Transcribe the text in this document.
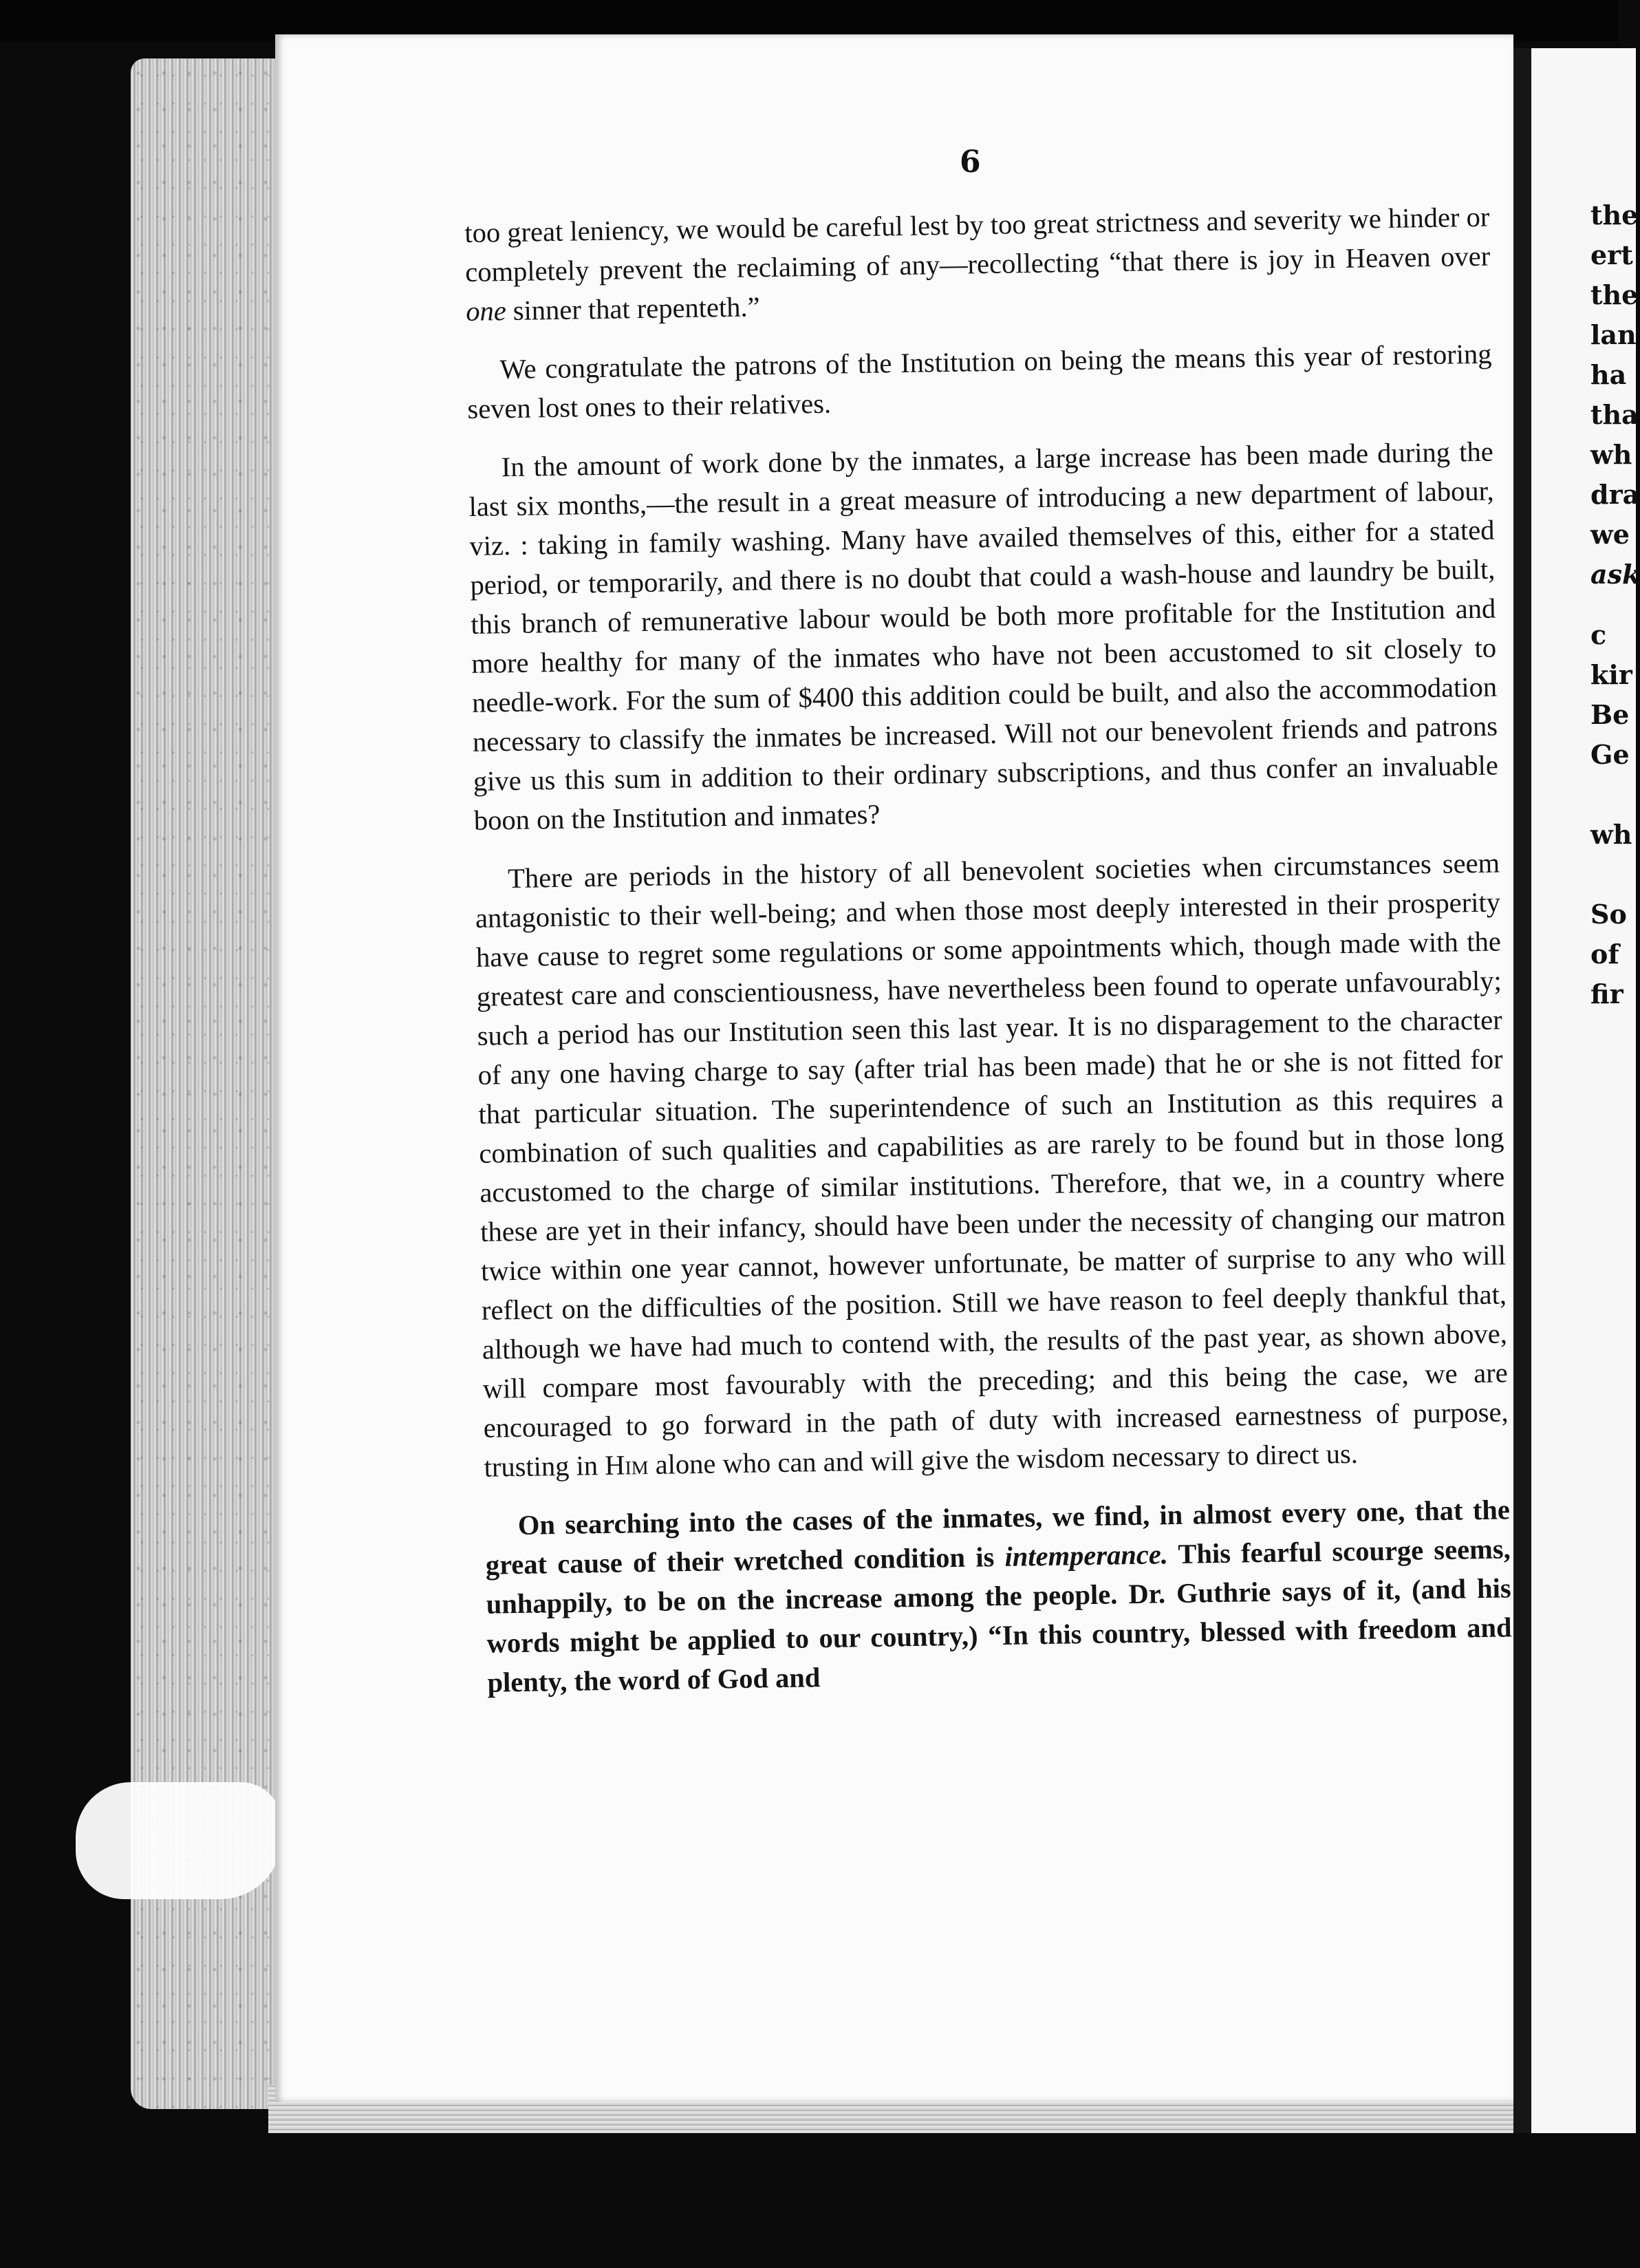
the
ert
the
lan
ha
tha
wh
dra
we
ask
c
kir
Be
Ge
wh
So
of
fir
6

too great leniency, we would be careful lest by too great strictness and severity we hinder or completely prevent the reclaiming of any—recollecting “that there is joy in Heaven over one sinner that repenteth.”

We congratulate the patrons of the Institution on being the means this year of restoring seven lost ones to their relatives.

In the amount of work done by the inmates, a large increase has been made during the last six months,—the result in a great measure of introducing a new department of labour, viz. : taking in family washing. Many have availed themselves of this, either for a stated period, or temporarily, and there is no doubt that could a wash-house and laundry be built, this branch of remunerative labour would be both more profitable for the Institution and more healthy for many of the inmates who have not been accustomed to sit closely to needle-work. For the sum of $400 this addition could be built, and also the accommodation necessary to classify the inmates be increased. Will not our benevolent friends and patrons give us this sum in addition to their ordinary subscriptions, and thus confer an invaluable boon on the Institution and inmates?

There are periods in the history of all benevolent societies when circumstances seem antagonistic to their well-being; and when those most deeply interested in their prosperity have cause to regret some regulations or some appointments which, though made with the greatest care and conscientiousness, have nevertheless been found to operate unfavourably; such a period has our Institution seen this last year. It is no disparagement to the character of any one having charge to say (after trial has been made) that he or she is not fitted for that particular situation. The superintendence of such an Institution as this requires a combination of such qualities and capabilities as are rarely to be found but in those long accustomed to the charge of similar institutions. Therefore, that we, in a country where these are yet in their infancy, should have been under the necessity of changing our matron twice within one year cannot, however unfortunate, be matter of surprise to any who will reflect on the difficulties of the position. Still we have reason to feel deeply thankful that, although we have had much to contend with, the results of the past year, as shown above, will compare most favourably with the preceding; and this being the case, we are encouraged to go forward in the path of duty with increased earnestness of purpose, trusting in Him alone who can and will give the wisdom necessary to direct us.

On searching into the cases of the inmates, we find, in almost every one, that the great cause of their wretched condition is intemperance. This fearful scourge seems, unhappily, to be on the increase among the people. Dr. Guthrie says of it, (and his words might be applied to our country,) “In this country, blessed with freedom and plenty, the word of God and
